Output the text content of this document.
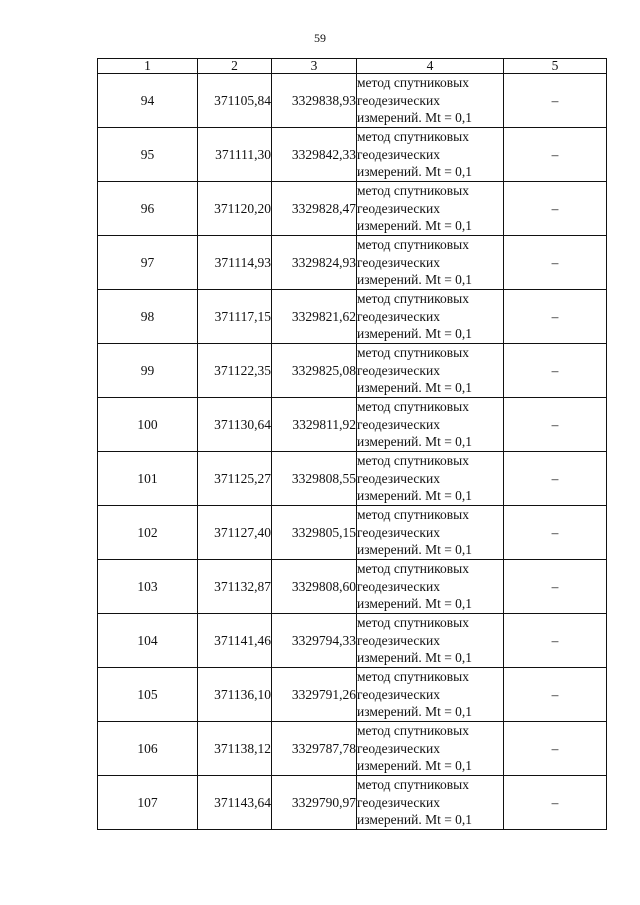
59
1	2	3	4	5
94	371105,84	3329838,93	метод спутниковых
геодезических
измерений. Mt = 0,1	–
95	371111,30	3329842,33	метод спутниковых
геодезических
измерений. Mt = 0,1	–
96	371120,20	3329828,47	метод спутниковых
геодезических
измерений. Mt = 0,1	–
97	371114,93	3329824,93	метод спутниковых
геодезических
измерений. Mt = 0,1	–
98	371117,15	3329821,62	метод спутниковых
геодезических
измерений. Mt = 0,1	–
99	371122,35	3329825,08	метод спутниковых
геодезических
измерений. Mt = 0,1	–
100	371130,64	3329811,92	метод спутниковых
геодезических
измерений. Mt = 0,1	–
101	371125,27	3329808,55	метод спутниковых
геодезических
измерений. Mt = 0,1	–
102	371127,40	3329805,15	метод спутниковых
геодезических
измерений. Mt = 0,1	–
103	371132,87	3329808,60	метод спутниковых
геодезических
измерений. Mt = 0,1	–
104	371141,46	3329794,33	метод спутниковых
геодезических
измерений. Mt = 0,1	–
105	371136,10	3329791,26	метод спутниковых
геодезических
измерений. Mt = 0,1	–
106	371138,12	3329787,78	метод спутниковых
геодезических
измерений. Mt = 0,1	–
107	371143,64	3329790,97	метод спутниковых
геодезических
измерений. Mt = 0,1	–
